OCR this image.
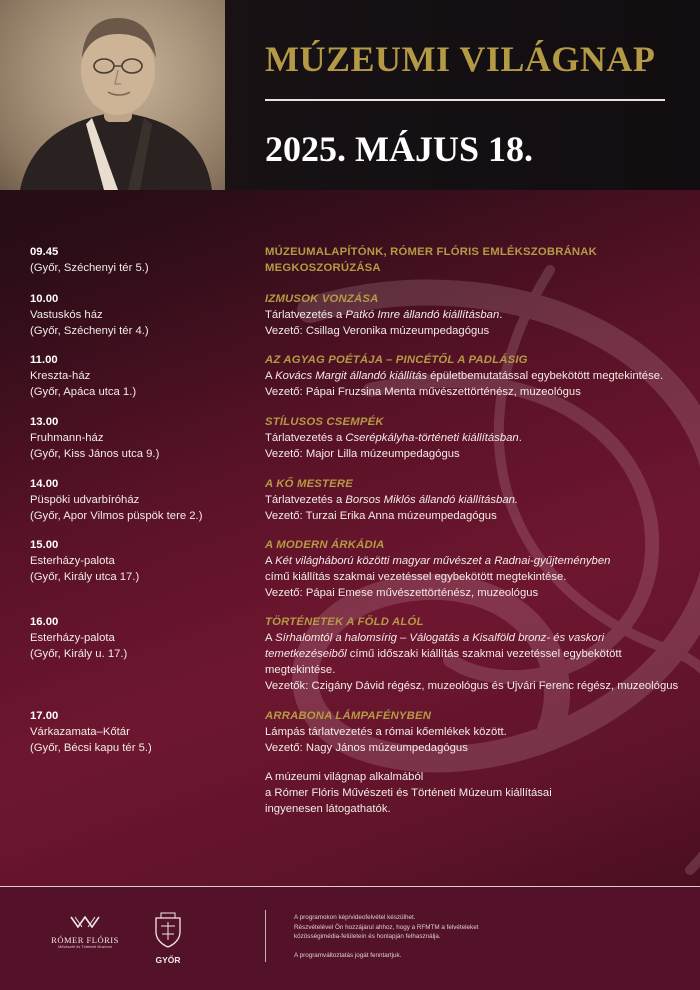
MÚZEUMI VILÁGNAP
2025. MÁJUS 18.
09.45
(Győr, Széchenyi tér 5.)
MÚZEUMALAPÍTÓNK, RÓMER FLÓRIS EMLÉKSZOBRÁNAK
MEGKOSZORÚZÁSA
10.00
Vastuskós ház
(Győr, Széchenyi tér 4.)
IZMUSOK VONZÁSA
Tárlatvezetés a Patkó Imre állandó kiállításban.
Vezető: Csillag Veronika múzeumpedagógus
11.00
Kreszta-ház
(Győr, Apáca utca 1.)
AZ AGYAG POÉTÁJA – PINCÉTŐL A PADLÁSIG
A Kovács Margit állandó kiállítás épületbemutatással egybekötött megtekintése.
Vezető: Pápai Fruzsina Menta művészettörténész, muzeológus
13.00
Fruhmann-ház
(Győr, Kiss János utca 9.)
STÍLUSOS CSEMPÉK
Tárlatvezetés a Cserépkályha-történeti kiállításban.
Vezető: Major Lilla múzeumpedagógus
14.00
Püspöki udvarbíróház
(Győr, Apor Vilmos püspök tere 2.)
A KŐ MESTERE
Tárlatvezetés a Borsos Miklós állandó kiállításban.
Vezető: Turzai Erika Anna múzeumpedagógus
15.00
Esterházy-palota
(Győr, Király utca 17.)
A MODERN ÁRKÁDIA
A Két világháború közötti magyar művészet a Radnai-gyűjteményben
című kiállítás szakmai vezetéssel egybekötött megtekintése.
Vezető: Pápai Emese művészettörténész, muzeológus
16.00
Esterházy-palota
(Győr, Király u. 17.)
TÖRTÉNETEK A FÖLD ALÓL
A Sírhalomtól a halomsírig – Válogatás a Kisalföld bronz- és vaskori
temetkezéseiből című időszaki kiállítás szakmai vezetéssel egybekötött
megtekintése.
Vezetők: Czigány Dávid régész, muzeológus és Ujvári Ferenc régész, muzeológus
17.00
Várkazamata–Kőtár
(Győr, Bécsi kapu tér 5.)
ARRABONA LÁMPAFÉNYBEN
Lámpás tárlatvezetés a római kőemlékek között.
Vezető: Nagy János múzeumpedagógus
A múzeumi világnap alkalmából
a Rómer Flóris Művészeti és Történeti Múzeum kiállításai
ingyenesen látogathatók.
RÓMER FLÓRIS
Művészeti és Történeti Múzeum
GYŐR
A programokon kép/videofelvétel készülhet.
Részvételével Ön hozzájárul ahhoz, hogy a RFMTM a felvételeket
közösségimédia-felületein és honlapján felhasználja.

A programváltoztatás jogát fenntartjuk.
